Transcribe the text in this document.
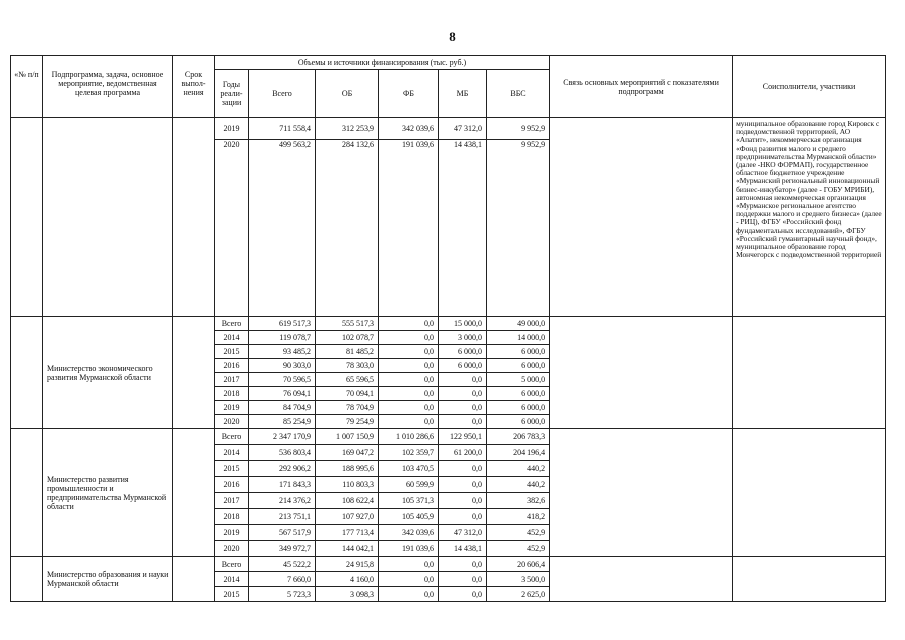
8
«№ п/п	Подпрограмма, задача, основное мероприятие, ведомственная целевая программа	Срок выпол-нения	Объемы и источники финансирования (тыс. руб.)						Связь основных мероприятий с показателями подпрограмм	Соисполнители, участники
			Годы реали-зации	Всего	ОБ	ФБ	МБ	ВБС		
			2019	711 558,4	312 253,9	342 039,6	47 312,0	9 952,9		муниципальное образование город Кировск с подведомственной территорией, АО «Апатит», некоммерческая организация «Фонд развития малого и среднего предпринимательства Мурманской области» (далее -НКО ФОРМАП), государственное областное бюджетное учреждение «Мурманский региональный инновационный бизнес-инкубатор» (далее - ГОБУ МРИБИ), автономная некоммерческая организация «Мурманское региональное агентство поддержки малого и среднего бизнеса» (далее - РИЦ), ФГБУ «Российский фонд фундаментальных исследований», ФГБУ «Российский гуманитарный научный фонд», муниципальное образование город Мончегорск с подведомственной территорией
			2020	499 563,2	284 132,6	191 039,6	14 438,1	9 952,9		
	Министерство экономического развития Мурманской области		Всего	619 517,3	555 517,3	0,0	15 000,0	49 000,0		
			2014	119 078,7	102 078,7	0,0	3 000,0	14 000,0		
			2015	93 485,2	81 485,2	0,0	6 000,0	6 000,0		
			2016	90 303,0	78 303,0	0,0	6 000,0	6 000,0		
			2017	70 596,5	65 596,5	0,0	0,0	5 000,0		
			2018	76 094,1	70 094,1	0,0	0,0	6 000,0		
			2019	84 704,9	78 704,9	0,0	0,0	6 000,0		
			2020	85 254,9	79 254,9	0,0	0,0	6 000,0		
	Министерство развития промышленности и предпринимательства Мурманской области		Всего	2 347 170,9	1 007 150,9	1 010 286,6	122 950,1	206 783,3		
			2014	536 803,4	169 047,2	102 359,7	61 200,0	204 196,4		
			2015	292 906,2	188 995,6	103 470,5	0,0	440,2		
			2016	171 843,3	110 803,3	60 599,9	0,0	440,2		
			2017	214 376,2	108 622,4	105 371,3	0,0	382,6		
			2018	213 751,1	107 927,0	105 405,9	0,0	418,2		
			2019	567 517,9	177 713,4	342 039,6	47 312,0	452,9		
			2020	349 972,7	144 042,1	191 039,6	14 438,1	452,9		
	Министерство образования и науки Мурманской области		Всего	45 522,2	24 915,8	0,0	0,0	20 606,4		
			2014	7 660,0	4 160,0	0,0	0,0	3 500,0		
			2015	5 723,3	3 098,3	0,0	0,0	2 625,0		
